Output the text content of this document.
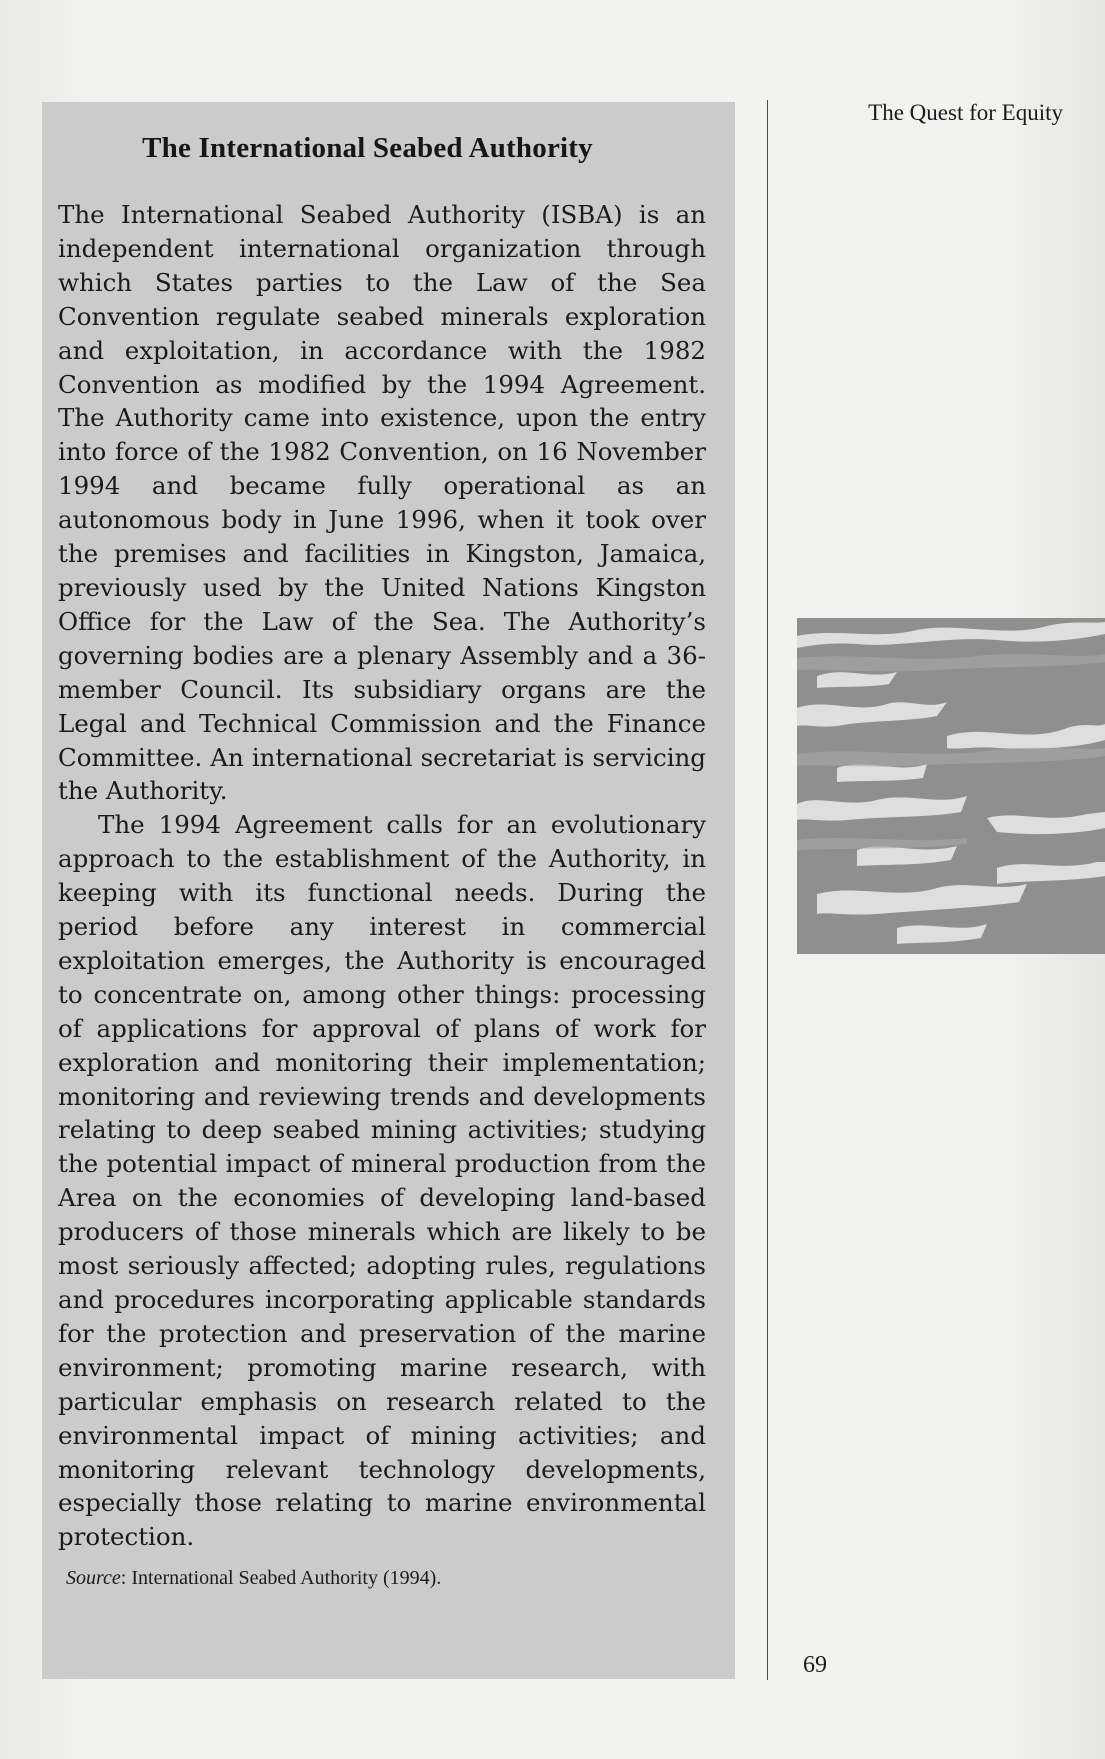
The International Seabed Authority

The International Seabed Authority (ISBA) is an independent international organization through which States parties to the Law of the Sea Convention regulate seabed minerals exploration and exploitation, in accordance with the 1982 Convention as modified by the 1994 Agreement. The Authority came into existence, upon the entry into force of the 1982 Convention, on 16 November 1994 and became fully operational as an autonomous body in June 1996, when it took over the premises and facilities in Kingston, Jamaica, previously used by the United Nations Kingston Office for the Law of the Sea. The Authority’s governing bodies are a plenary Assembly and a 36-member Council. Its subsidiary organs are the Legal and Technical Commission and the Finance Committee. An international secretariat is servicing the Authority.

The 1994 Agreement calls for an evolutionary approach to the establishment of the Authority, in keeping with its functional needs. During the period before any interest in commercial exploitation emerges, the Authority is encouraged to concentrate on, among other things: processing of applications for approval of plans of work for exploration and monitoring their implementation; monitoring and reviewing trends and developments relating to deep seabed mining activities; studying the potential impact of mineral production from the Area on the economies of developing land-based producers of those minerals which are likely to be most seriously affected; adopting rules, regulations and procedures incorporating applicable standards for the protection and preservation of the marine environment; promoting marine research, with particular emphasis on research related to the environmental impact of mining activities; and monitoring relevant technology developments, especially those relating to marine environmental protection.

Source: International Seabed Authority (1994).
The Quest for Equity
69
